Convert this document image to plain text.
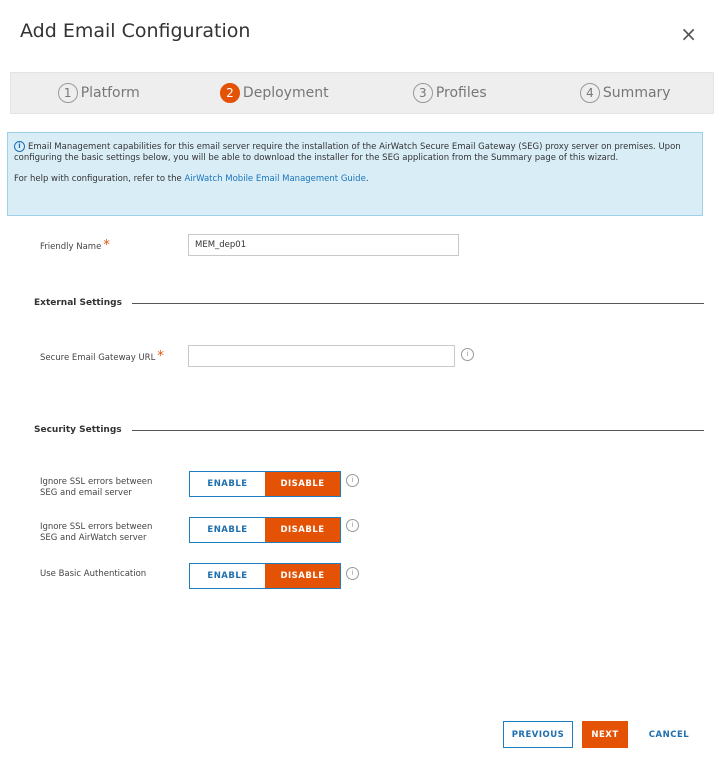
Add Email Configuration	×
1 Platform	2 Deployment	3 Profiles	4 Summary

i Email Management capabilities for this email server require the installation of the AirWatch Secure Email Gateway (SEG) proxy server on premises. Upon configuring the basic settings below, you will be able to download the installer for the SEG application from the Summary page of this wizard.

For help with configuration, refer to the AirWatch Mobile Email Management Guide.

Friendly Name *
MEM_dep01
External Settings
Secure Email Gateway URL *	i
Security Settings
Ignore SSL errors between
SEG and email server
ENABLE	DISABLE	i
Ignore SSL errors between
SEG and AirWatch server
ENABLE	DISABLE	i
Use Basic Authentication	ENABLE	DISABLE	i
PREVIOUS	NEXT	CANCEL
